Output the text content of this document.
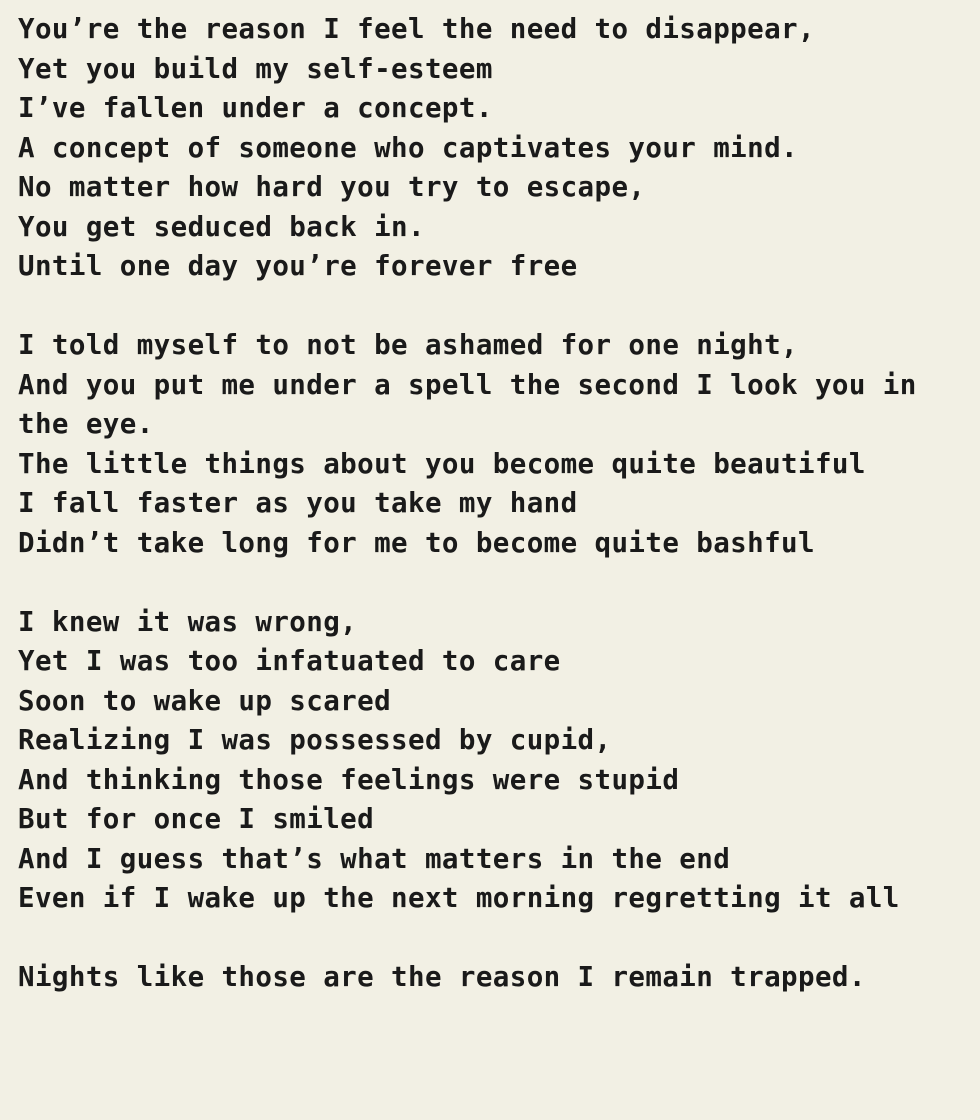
You’re the reason I feel the need to disappear,
Yet you build my self-esteem
I’ve fallen under a concept.
A concept of someone who captivates your mind.
No matter how hard you try to escape,
You get seduced back in.
Until one day you’re forever free

I told myself to not be ashamed for one night,
And you put me under a spell the second I look you in the eye.
The little things about you become quite beautiful
I fall faster as you take my hand
Didn’t take long for me to become quite bashful

I knew it was wrong,
Yet I was too infatuated to care
Soon to wake up scared
Realizing I was possessed by cupid,
And thinking those feelings were stupid
But for once I smiled
And I guess that’s what matters in the end
Even if I wake up the next morning regretting it all

Nights like those are the reason I remain trapped.
